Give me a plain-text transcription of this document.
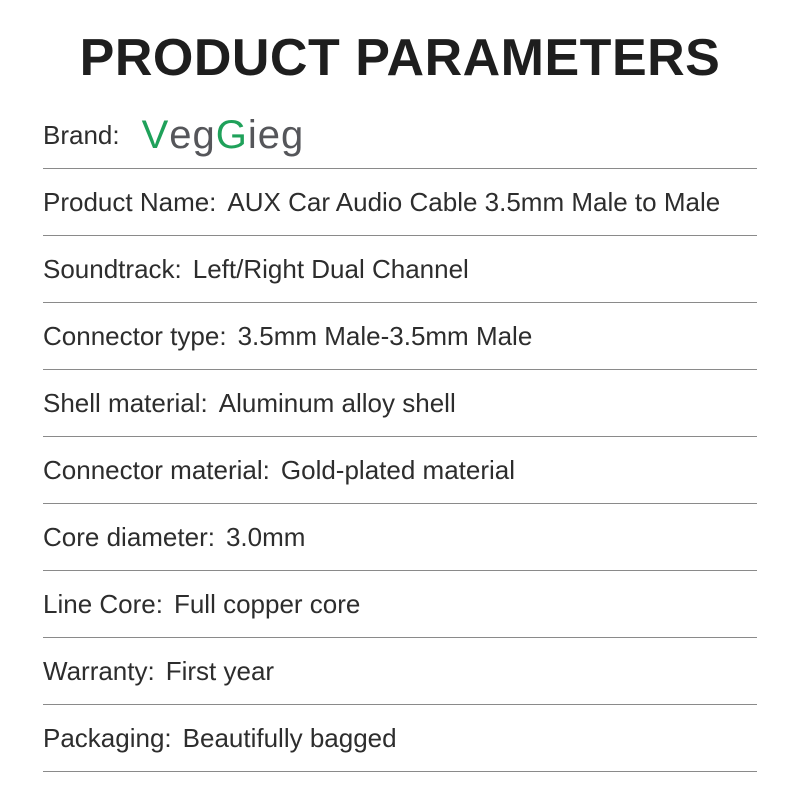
PRODUCT PARAMETERS
Brand: V eg G ieg
Product Name: AUX Car Audio Cable 3.5mm Male to Male
Soundtrack: Left/Right Dual Channel
Connector type: 3.5mm Male-3.5mm Male
Shell material: Aluminum alloy shell
Connector material: Gold-plated material
Core diameter: 3.0mm
Line Core: Full copper core
Warranty: First year
Packaging: Beautifully bagged
